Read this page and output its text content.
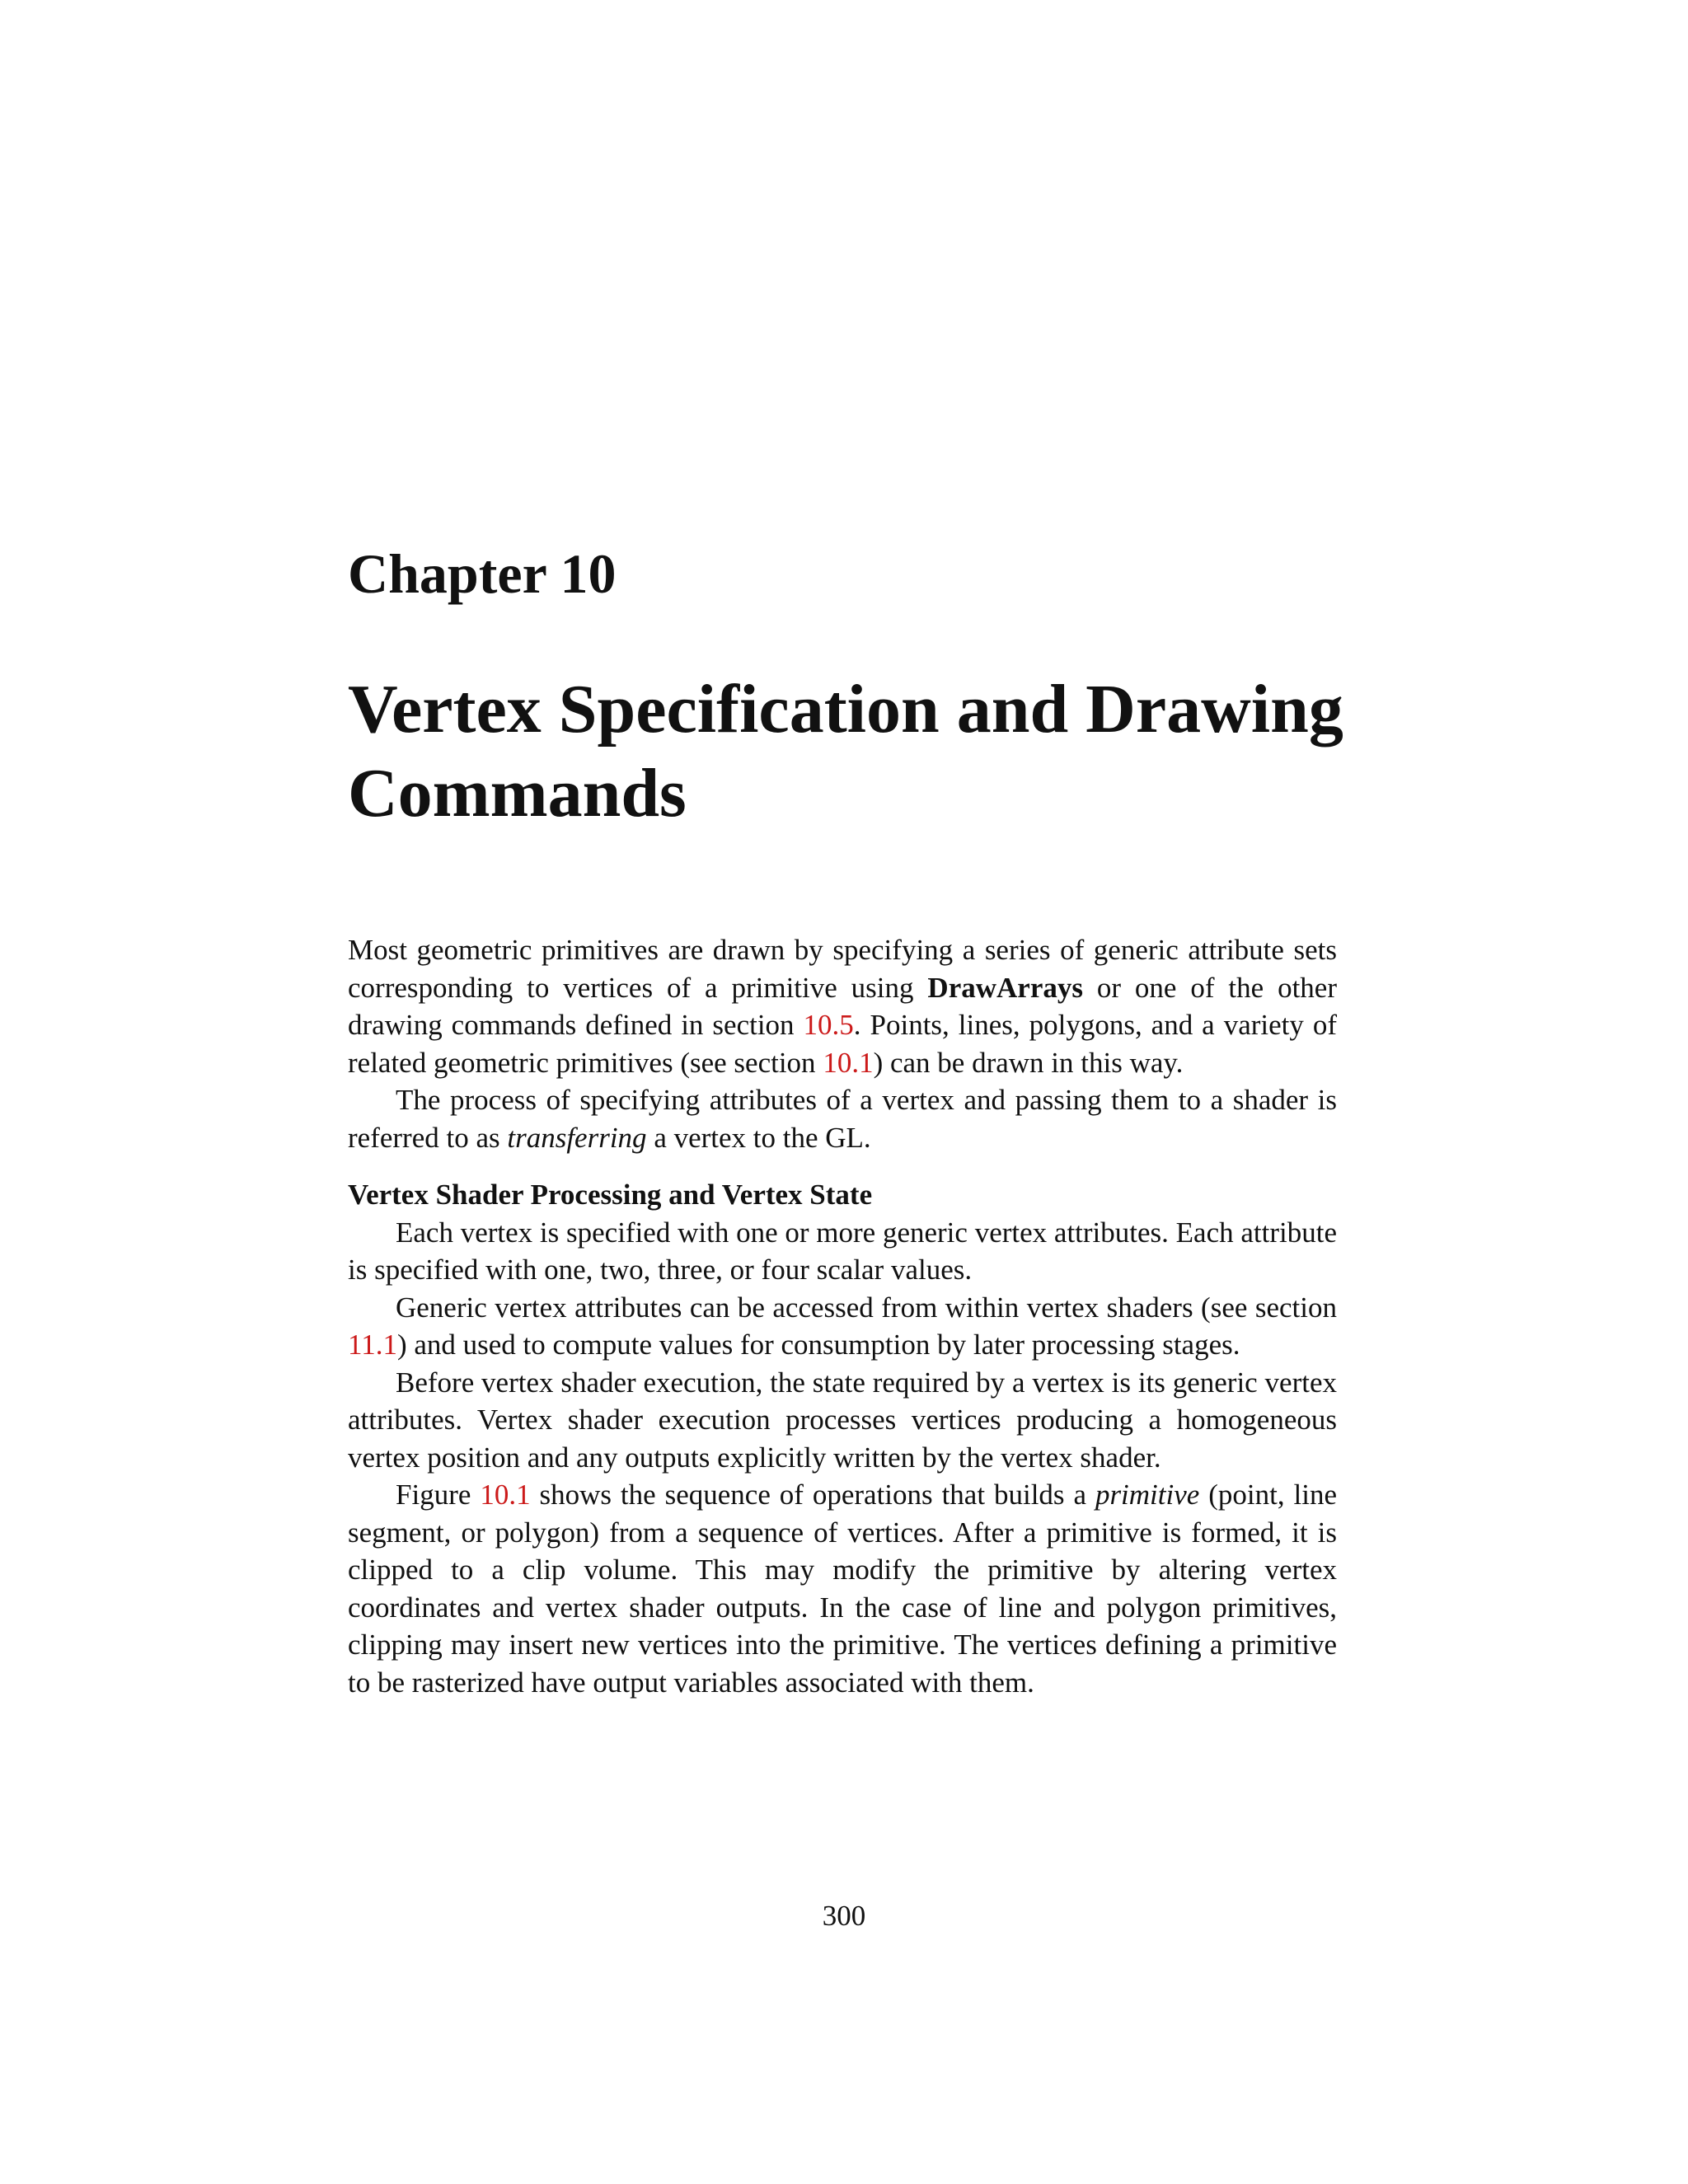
Chapter 10
Vertex Specification and Drawing Commands

Most geometric primitives are drawn by specifying a series of generic attribute sets corresponding to vertices of a primitive using DrawArrays or one of the other drawing commands defined in section 10.5. Points, lines, polygons, and a variety of related geometric primitives (see section 10.1) can be drawn in this way.

The process of specifying attributes of a vertex and passing them to a shader is referred to as transferring a vertex to the GL.

Vertex Shader Processing and Vertex State

Each vertex is specified with one or more generic vertex attributes. Each attribute is specified with one, two, three, or four scalar values.

Generic vertex attributes can be accessed from within vertex shaders (see section 11.1) and used to compute values for consumption by later processing stages.

Before vertex shader execution, the state required by a vertex is its generic vertex attributes. Vertex shader execution processes vertices producing a homogeneous vertex position and any outputs explicitly written by the vertex shader.

Figure 10.1 shows the sequence of operations that builds a primitive (point, line segment, or polygon) from a sequence of vertices. After a primitive is formed, it is clipped to a clip volume. This may modify the primitive by altering vertex coordinates and vertex shader outputs. In the case of line and polygon primitives, clipping may insert new vertices into the primitive. The vertices defining a primitive to be rasterized have output variables associated with them.

300
